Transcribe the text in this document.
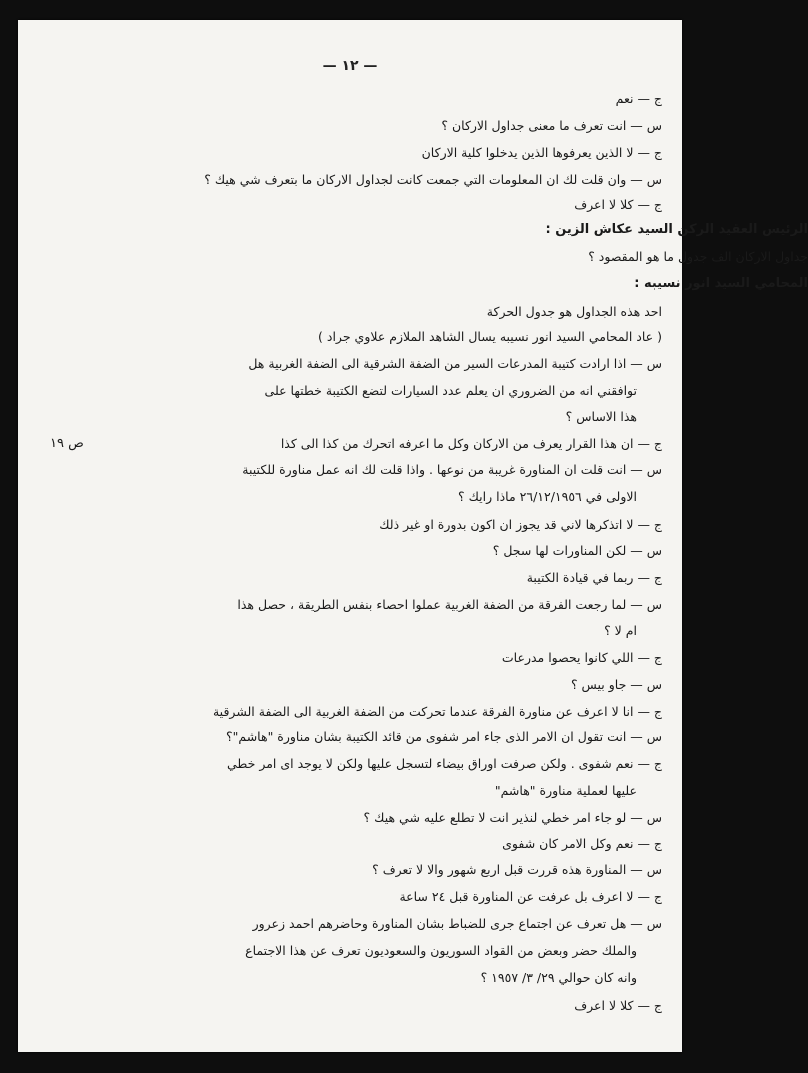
— ١٢ —
ص ١٩
ج — نعم
س — انت تعرف ما معنى جداول الاركان ؟
ج — لا الذين يعرفوها الذين يدخلوا كلية الاركان
س — وان قلت لك ان المعلومات التي جمعت كانت لجداول الاركان ما بتعرف شي هيك ؟
ج — كلا لا اعرف
الرئيس العقيد الركن السيد عكاش الزين :
جداول الاركان الف جدول ما هو المقصود ؟
المحامي السيد انور نسيبه :
احد هذه الجداول هو جدول الحركة
( عاد المحامي السيد انور نسيبه يسال الشاهد الملازم علاوي جراد )
س — اذا ارادت كتيبة المدرعات السير من الضفة الشرقية الى الضفة الغربية هل
توافقني انه من الضروري ان يعلم عدد السيارات لتضع الكتيبة خطتها على
هذا الاساس ؟
ج — ان هذا القرار يعرف من الاركان وكل ما اعرفه اتحرك من كذا الى كذا
س — انت قلت ان المناورة غريبة من نوعها . واذا قلت لك انه عمل مناورة للكتيبة
الاولى في ٢٦/١٢/١٩٥٦ ماذا رايك ؟
ج — لا اتذكرها لاني قد يجوز ان اكون بدورة او غير ذلك
س — لكن المناورات لها سجل ؟
ج — ربما في قيادة الكتيبة
س — لما رجعت الفرقة من الضفة الغربية عملوا احصاء بنفس الطريقة ، حصل هذا
ام لا ؟
ج — اللي كانوا يحصوا مدرعات
س — جاو بيس ؟
ج — انا لا اعرف عن مناورة الفرقة عندما تحركت من الضفة الغربية الى الضفة الشرقية
س — انت تقول ان الامر الذى جاء امر شفوى من قائد الكتيبة بشان مناورة "هاشم"؟
ج — نعم شفوى . ولكن صرفت اوراق بيضاء لتسجل عليها ولكن لا يوجد اى امر خطي
عليها لعملية مناورة "هاشم"
س — لو جاء امر خطي لنذير انت لا تطلع عليه شي هيك ؟
ج — نعم وكل الامر كان شفوى
س — المناورة هذه قررت قبل اربع شهور والا لا تعرف ؟
ج — لا اعرف بل عرفت عن المناورة قبل ٢٤ ساعة
س — هل تعرف عن اجتماع جرى للضباط بشان المناورة وحاضرهم احمد زعرور
والملك حضر وبعض من القواد السوريون والسعوديون تعرف عن هذا الاجتماع
وانه كان حوالي ٢٩/ ٣/ ١٩٥٧ ؟
ج — كلا لا اعرف
